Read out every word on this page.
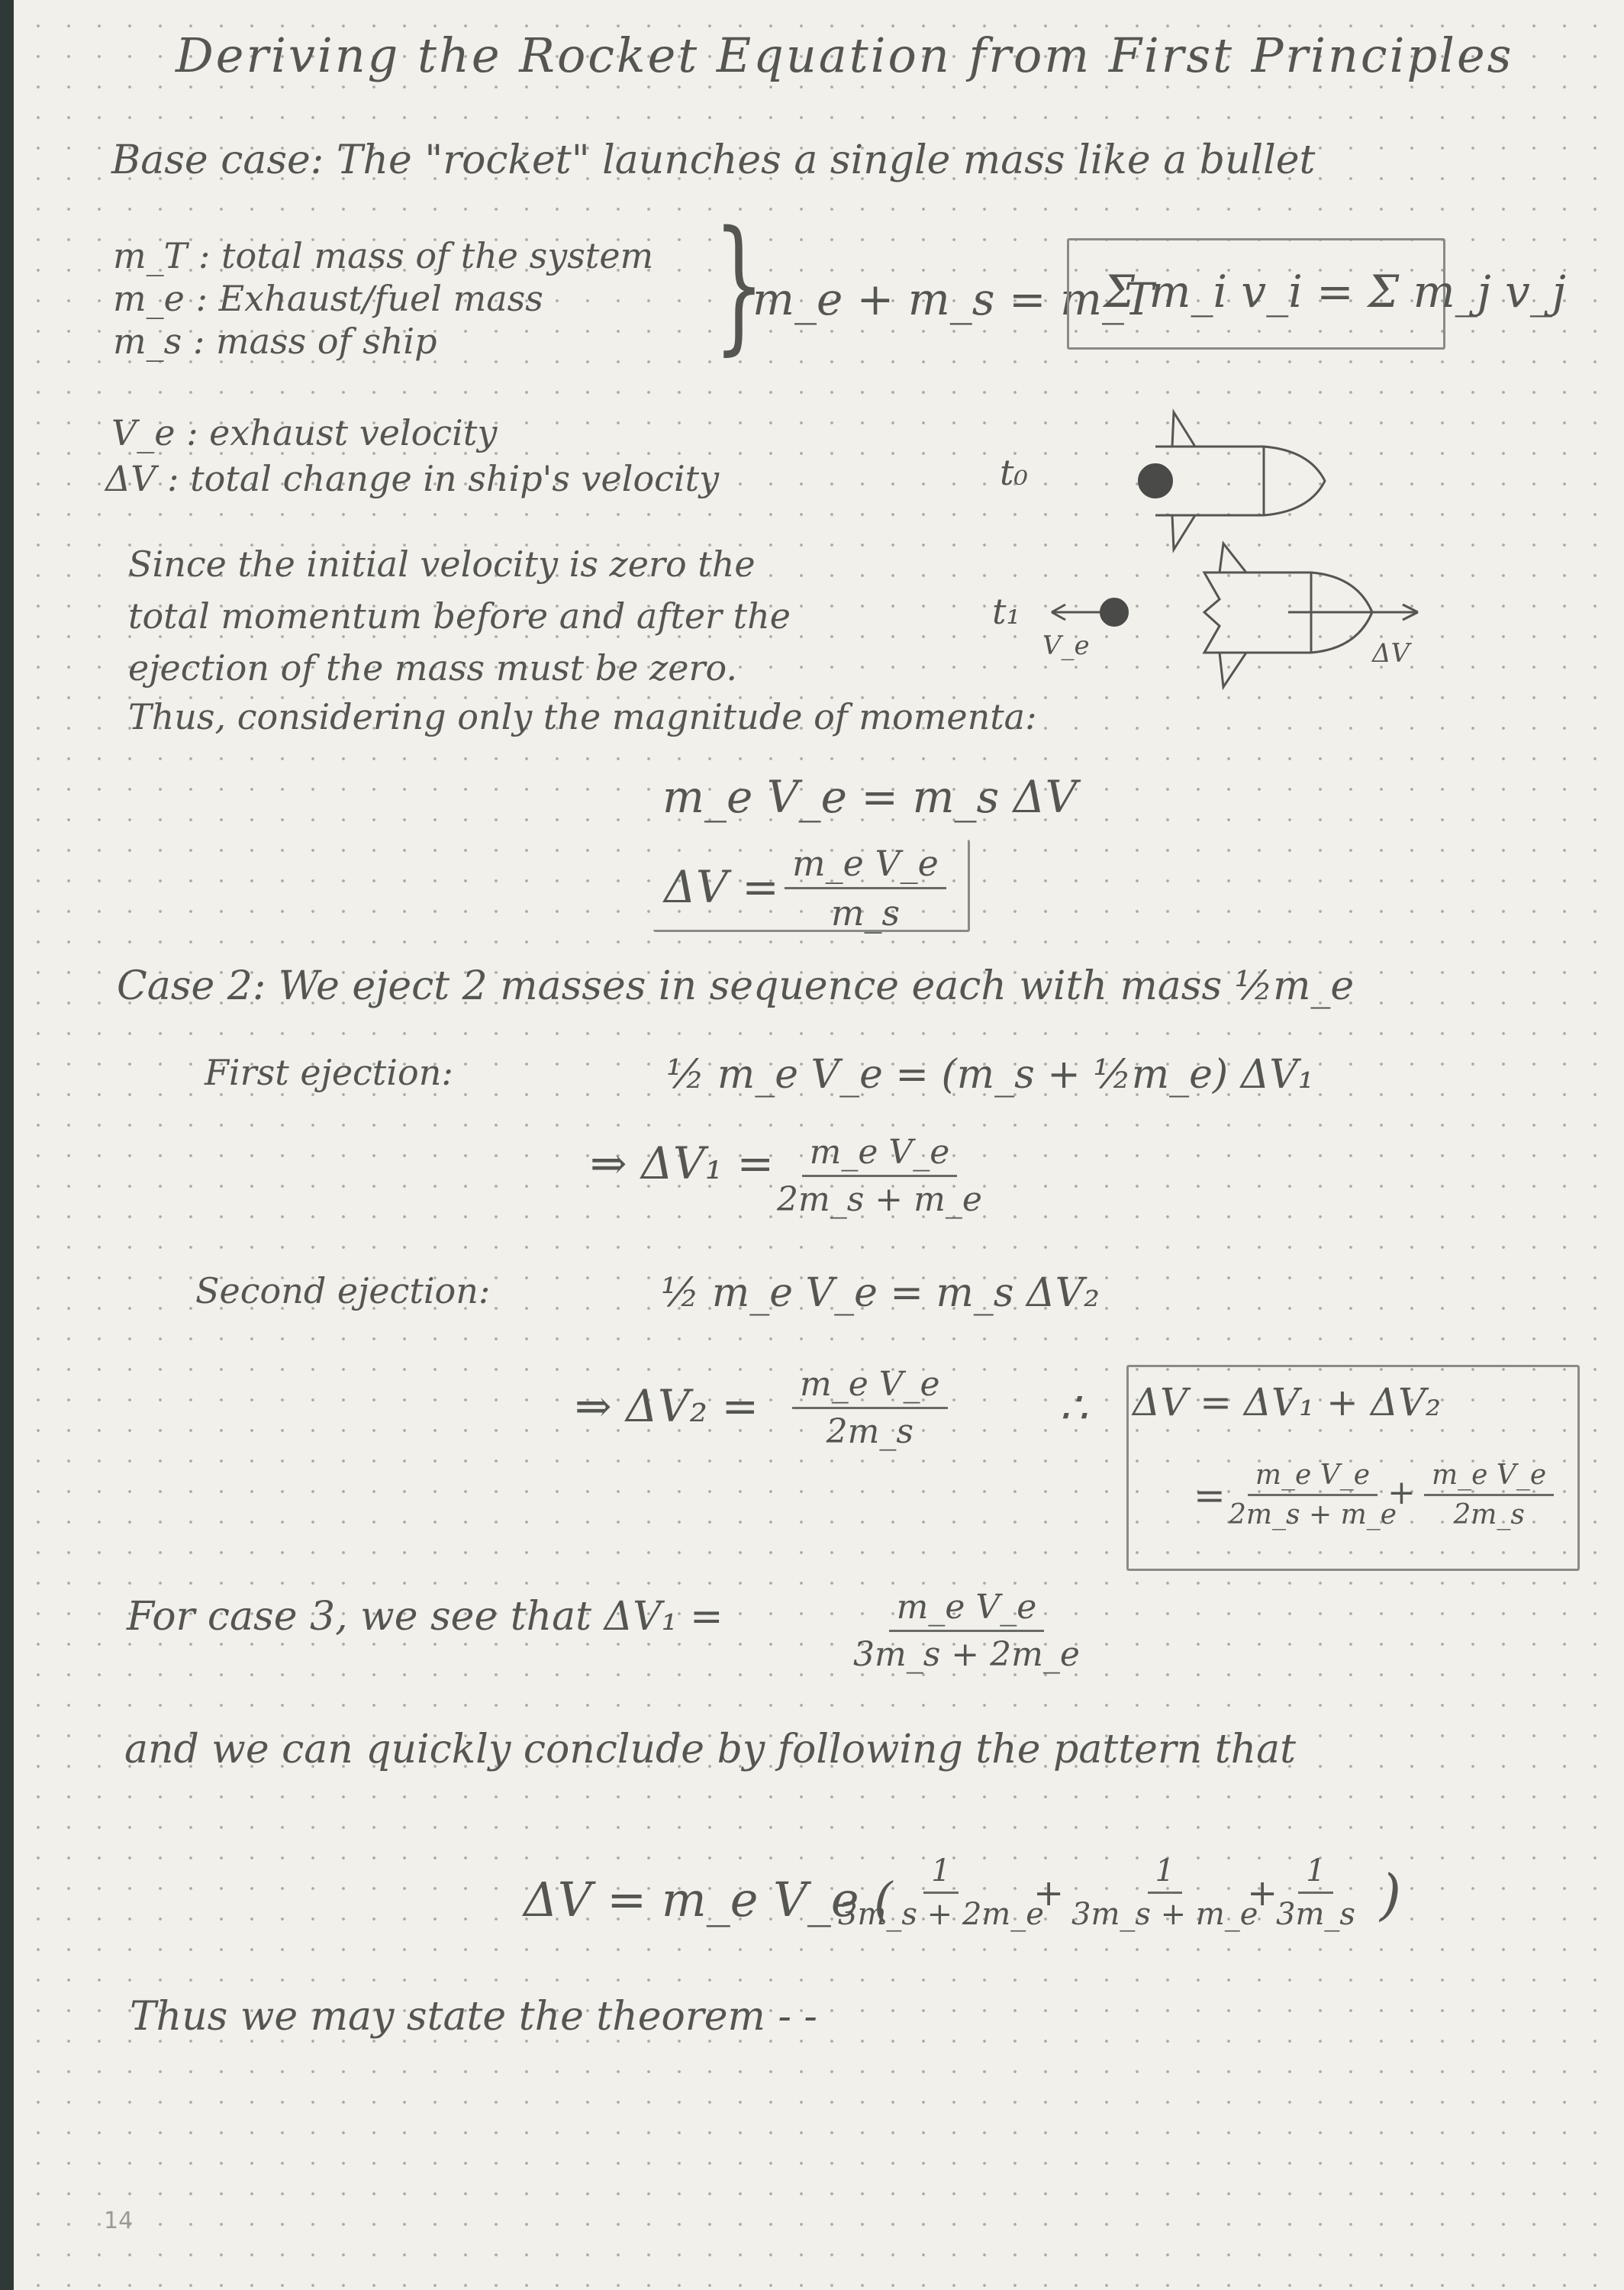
Deriving the Rocket Equation from First Principles
Base case: The "rocket" launches a single mass like a bullet
m_T : total mass of the system
m_e : Exhaust/fuel mass
m_s : mass of ship }
m_e + m_s = m_T
Σ m_i v_i = Σ m_j v_j
V_e : exhaust velocity
ΔV : total change in ship's velocity	t₀
t₁
V_e	ΔV
Since the initial velocity is zero the
total momentum before and after the
ejection of the mass must be zero.
Thus, considering only the magnitude of momenta:
m_e V_e = m_s ΔV
$\Delta V = \frac{\text{m\_e V\_e}}{m\_s}$
Case 2: We eject 2 masses in sequence each with mass ½m_e
First ejection:	½ m_e V_e = (m_s + ½m_e) ΔV₁
⇒ $\Delta V_1 = \frac{\text{m\_e V\_e}}{2m\_s + m\_e}$
Second ejection:	½ m_e V_e = m_s ΔV₂
⇒ $\Delta V_2 = \frac{\text{m\_e V\_e}}{2m\_s}$	∴ ΔV = ΔV₁ + ΔV₂
= $\frac{\text{m\_e V\_e}}{2m\_s + m\_e}$
+ $\frac{\text{m\_e V\_e}}{2m\_s}$
For case 3, we see that ΔV₁ =	$\frac{\text{m\_e V\_e}}{3m\_s + 2m\_e}$
and we can quickly conclude by following the pattern that
ΔV = m_e V_e (
$\frac{1}{3m\_s + 2m\_e}$
+ $\frac{1}{3m\_s + m\_e}$
+
$\frac{1}{3m\_s}$ )
Thus we may state the theorem - -
14
